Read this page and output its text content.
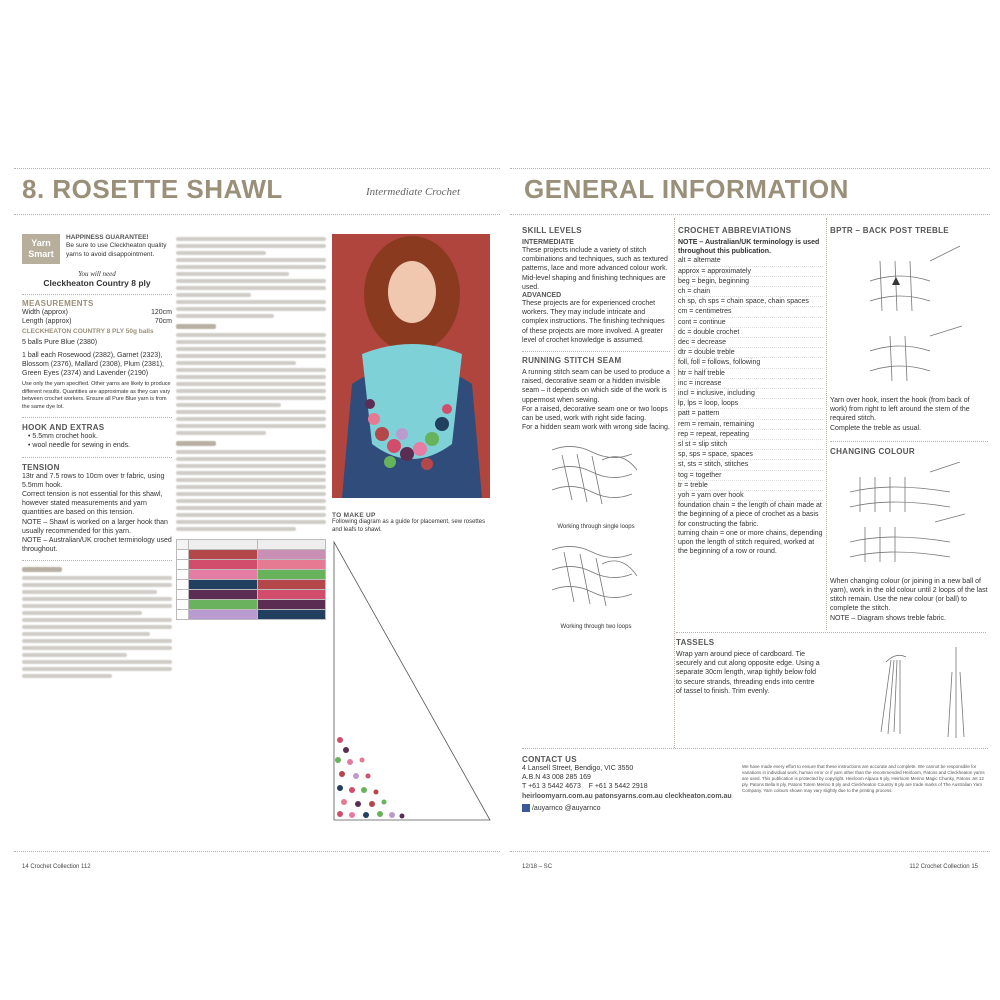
8. ROSETTE SHAWL	Intermediate Crochet
Yarn
Smart
HAPPINESS GUARANTEE!
Be sure to use Cleckheaton quality yarns to avoid disappointment.
You will need
Cleckheaton Country 8 ply
MEASUREMENTS
Width (approx)	120cm
Length (approx)	70cm
CLECKHEATON COUNTRY 8 PLY 50g balls
5 balls Pure Blue (2380)
1 ball each Rosewood (2382), Garnet (2323), Blossom (2376), Mallard (2308), Plum (2381), Green Eyes (2374) and Lavender (2190)
Use only the yarn specified. Other yarns are likely to produce different results. Quantities are approximate as they can vary between crochet workers. Ensure all Pure Blue yarn is from the same dye lot.
HOOK AND EXTRAS
• 5.5mm crochet hook.
• wool needle for sewing in ends.
TENSION
13tr and 7.5 rows to 10cm over tr fabric, using 5.5mm hook.
Correct tension is not essential for this shawl, however stated measurements and yarn quantities are based on this tension.
NOTE – Shawl is worked on a larger hook than usually recommended for this yarn.
NOTE – Australian/UK crochet terminology used throughout.

TO MAKE UP
Following diagram as a guide for placement, sew rosettes and leafs to shawl.
14 Crochet Collection 112
GENERAL INFORMATION
SKILL LEVELS
INTERMEDIATE
These projects include a variety of stitch combinations and techniques, such as textured patterns, lace and more advanced colour work. Mid-level shaping and finishing techniques are used.
ADVANCED
These projects are for experienced crochet workers. They may include intricate and complex instructions. The finishing techniques of these projects are more involved. A greater level of crochet knowledge is assumed.
RUNNING STITCH SEAM
A running stitch seam can be used to produce a raised, decorative seam or a hidden invisible seam – it depends on which side of the work is uppermost when sewing.
For a raised, decorative seam one or two loops can be used, work with right side facing.
For a hidden seam work with wrong side facing.
Working through single loops
Working through two loops
CROCHET ABBREVIATIONS
NOTE – Australian/UK terminology is used throughout this publication.
alt = alternate
approx = approximately
beg = begin, beginning
ch = chain
ch sp, ch sps = chain space, chain spaces
cm = centimetres
cont = continue
dc = double crochet
dec = decrease
dtr = double treble
foll, foll = follows, following
htr = half treble
inc = increase
incl = inclusive, including
lp, lps = loop, loops
patt = pattern
rem = remain, remaining
rep = repeat, repeating
sl st = slip stitch
sp, sps = space, spaces
st, sts = stitch, stitches
tog = together
tr = treble
yoh = yarn over hook
foundation chain = the length of chain made at the beginning of a piece of crochet as a basis for constructing the fabric.
turning chain = one or more chains, depending upon the length of stitch required, worked at the beginning of a row or round.
TASSELS
Wrap yarn around piece of cardboard. Tie securely and cut along opposite edge. Using a separate 30cm length, wrap tightly below fold to secure strands, threading ends into centre of tassel to finish. Trim evenly.
BPTR – BACK POST TREBLE
Yarn over hook, insert the hook (from back of work) from right to left around the stem of the required stitch.
Complete the treble as usual.
CHANGING COLOUR
When changing colour (or joining in a new ball of yarn), work in the old colour until 2 loops of the last stitch remain. Use the new colour (or ball) to complete the stitch.
NOTE – Diagram shows treble fabric.
CONTACT US
4 Lansell Street, Bendigo, VIC 3550
A.B.N 43 008 285 169
T +61 3 5442 4673 F +61 3 5442 2918
heirloomyarn.com.au patonsyarns.com.au cleckheaton.com.au
/auyarnco @auyarnco
We have made every effort to ensure that these instructions are accurate and complete. We cannot be responsible for variations in individual work, human error or if yarn other than the recommended Heirloom, Patons and Cleckheaton yarns are used. This publication is protected by copyright. Heirloom Alpaca 8 ply, Heirloom Merino Magic Chunky, Patons Jet 12 ply, Patons Bella 8 ply, Patons Totem Merino 8 ply and Cleckheaton Country 8 ply are trade marks of The Australian Yarn Company. Yarn colours shown may vary slightly due to the printing process.
12/18 – SC	112 Crochet Collection 15
